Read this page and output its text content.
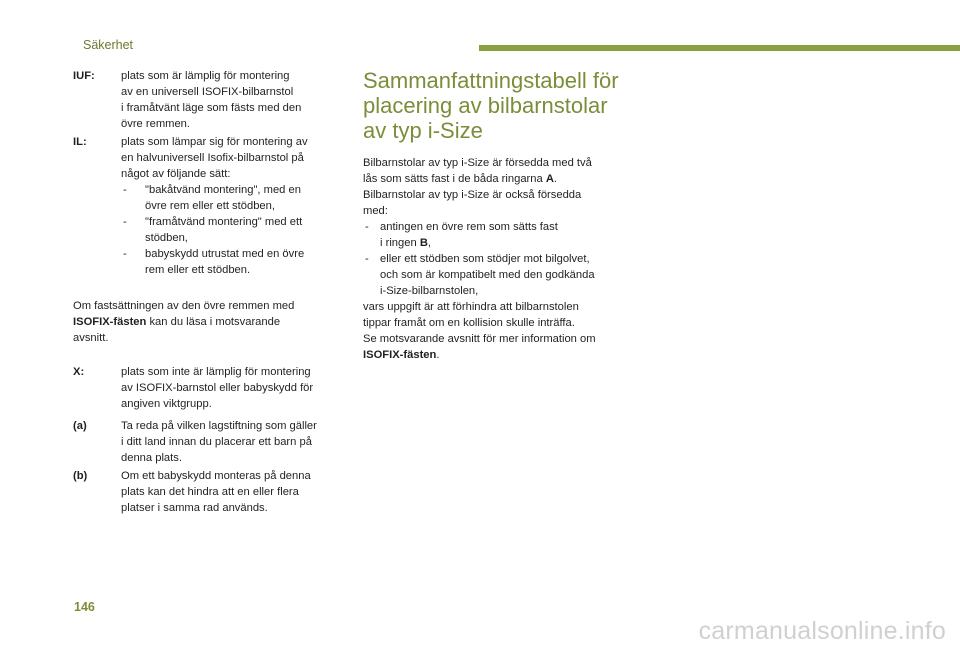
Säkerhet
IUF:	plats som är lämplig för montering
av en universell ISOFIX-bilbarnstol
i framåtvänt läge som fästs med den
övre remmen.
IL:	plats som lämpar sig för montering av
en halvuniversell Isofix-bilbarnstol på
något av följande sätt:
- "bakåtvänd montering", med en
övre rem eller ett stödben,
- "framåtvänd montering" med ett
stödben,
- babyskydd utrustat med en övre
rem eller ett stödben.

Om fastsättningen av den övre remmen med
ISOFIX-fästen kan du läsa i motsvarande
avsnitt.

X:	plats som inte är lämplig för montering
av ISOFIX-barnstol eller babyskydd för
angiven viktgrupp.
(a)	Ta reda på vilken lagstiftning som gäller
i ditt land innan du placerar ett barn på
denna plats.
(b)	Om ett babyskydd monteras på denna
plats kan det hindra att en eller flera
platser i samma rad används.
Sammanfattningstabell för
placering av bilbarnstolar
av typ i-Size

Bilbarnstolar av typ i-Size är försedda med två
lås som sätts fast i de båda ringarna A.
Bilbarnstolar av typ i-Size är också försedda
med:

- antingen en övre rem som sätts fast
i ringen B,
- eller ett stödben som stödjer mot bilgolvet,
och som är kompatibelt med den godkända
i-Size-bilbarnstolen,

vars uppgift är att förhindra att bilbarnstolen
tippar framåt om en kollision skulle inträffa.
Se motsvarande avsnitt för mer information om
ISOFIX-fästen.

146
carmanualsonline.info
